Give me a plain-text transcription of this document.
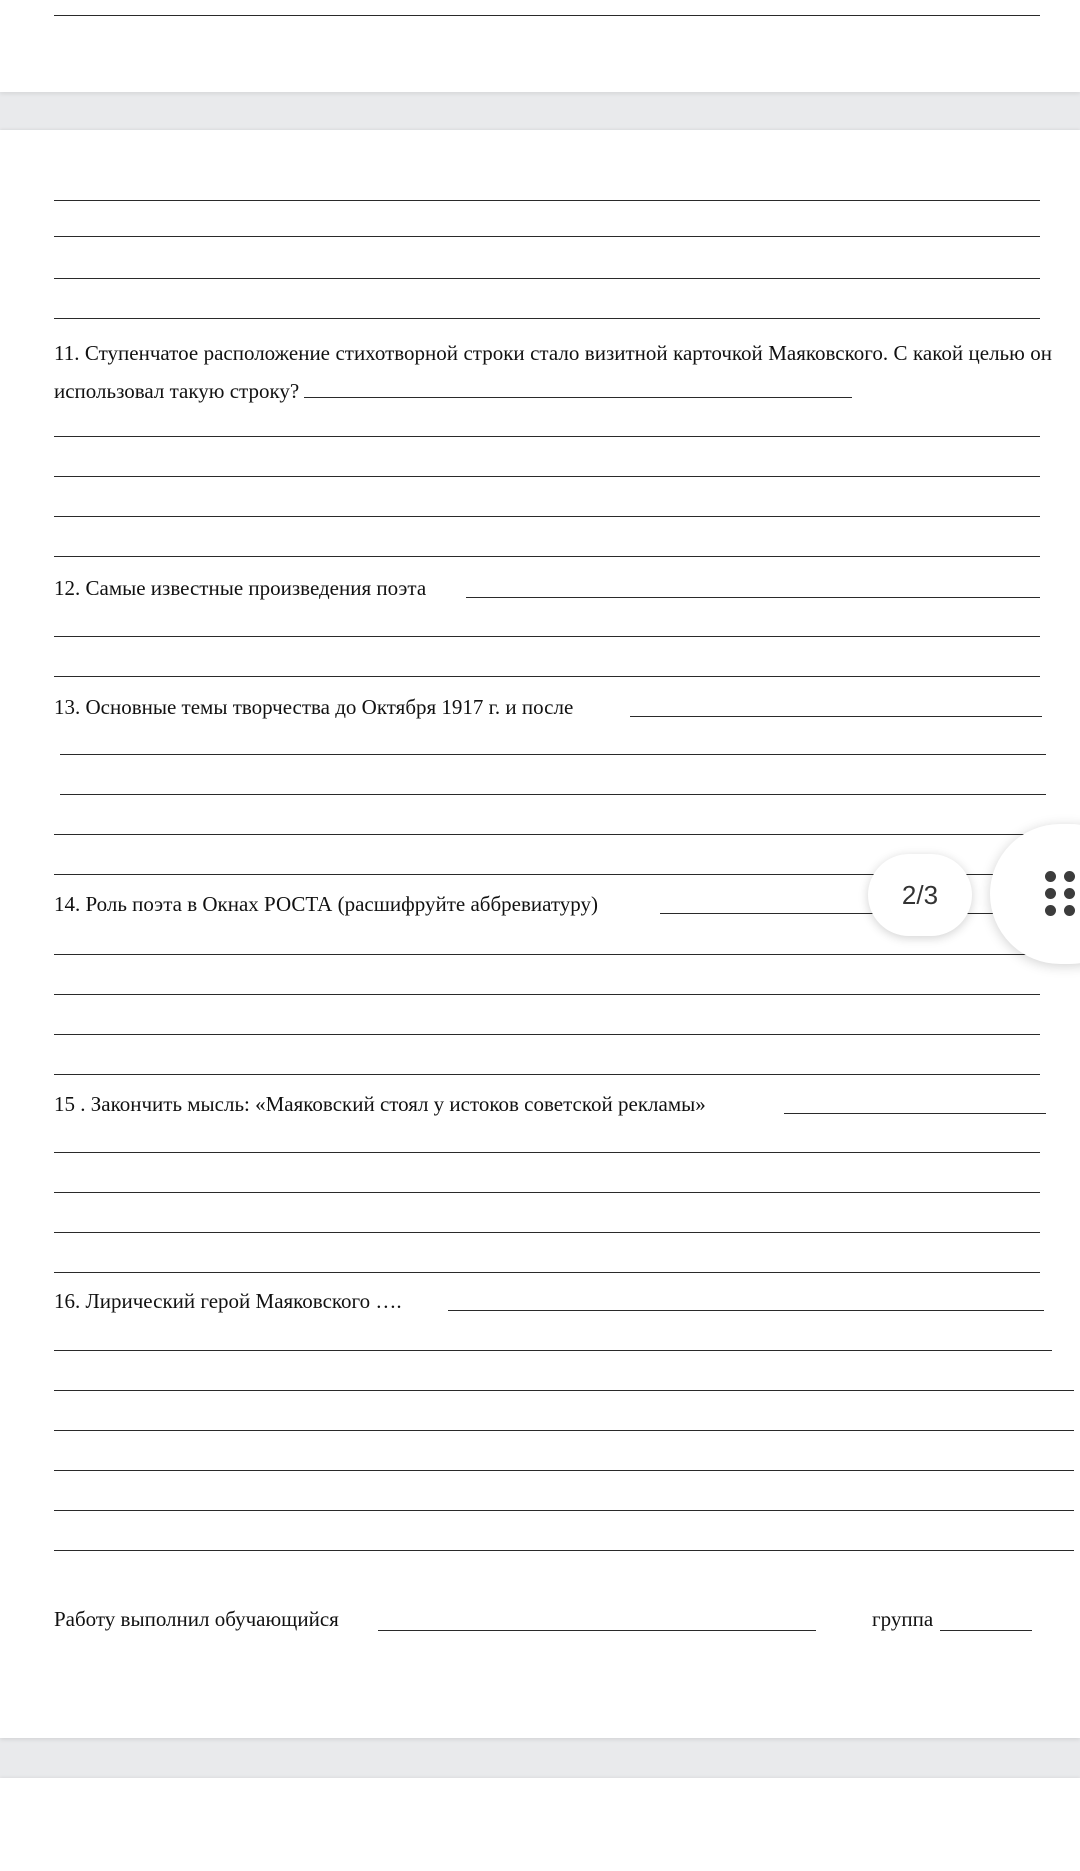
11. Ступенчатое расположение стихотворной строки стало визитной карточкой Маяковского. С какой целью он использовал такую строку?
12. Самые известные произведения поэта
13. Основные темы творчества до Октября 1917 г. и после
14. Роль поэта в Окнах РОСТА (расшифруйте аббревиатуру)
15 . Закончить мысль: «Маяковский стоял у истоков советской рекламы»
16. Лирический герой Маяковского ….
Работу выполнил обучающийся	группа
2/3
